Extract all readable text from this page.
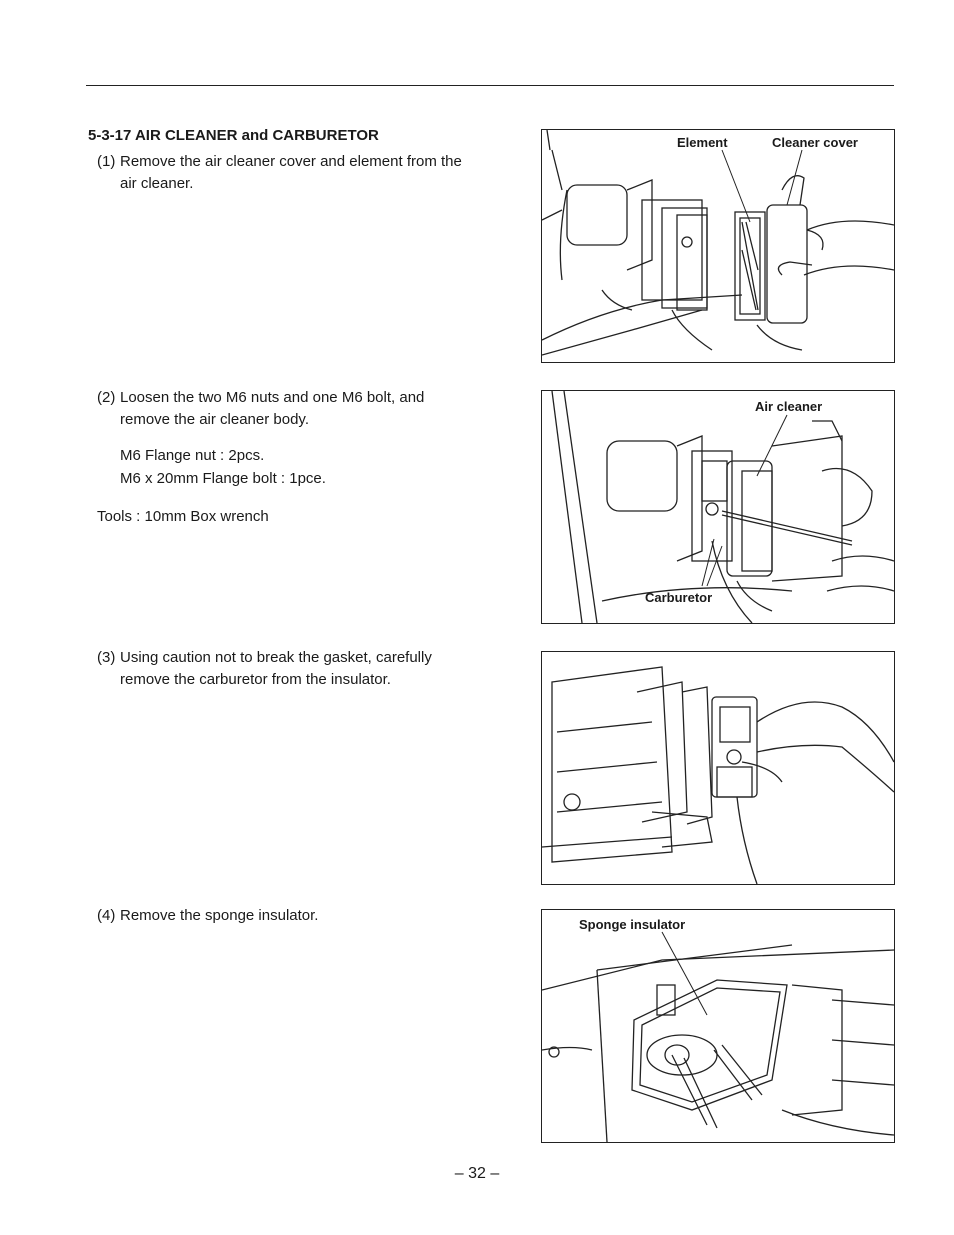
5-3-17 AIR CLEANER and CARBURETOR
(1) Remove the air cleaner cover and element from the
air cleaner.
(2) Loosen the two M6 nuts and one M6 bolt, and
remove the air cleaner body.
M6 Flange nut : 2pcs.
M6 x 20mm Flange bolt : 1pce.
Tools : 10mm Box wrench
(3) Using caution not to break the gasket, carefully
remove the carburetor from the insulator.
(4) Remove the sponge insulator.
Element	Cleaner cover
Air cleaner
Carburetor
Sponge insulator
– 32 –
